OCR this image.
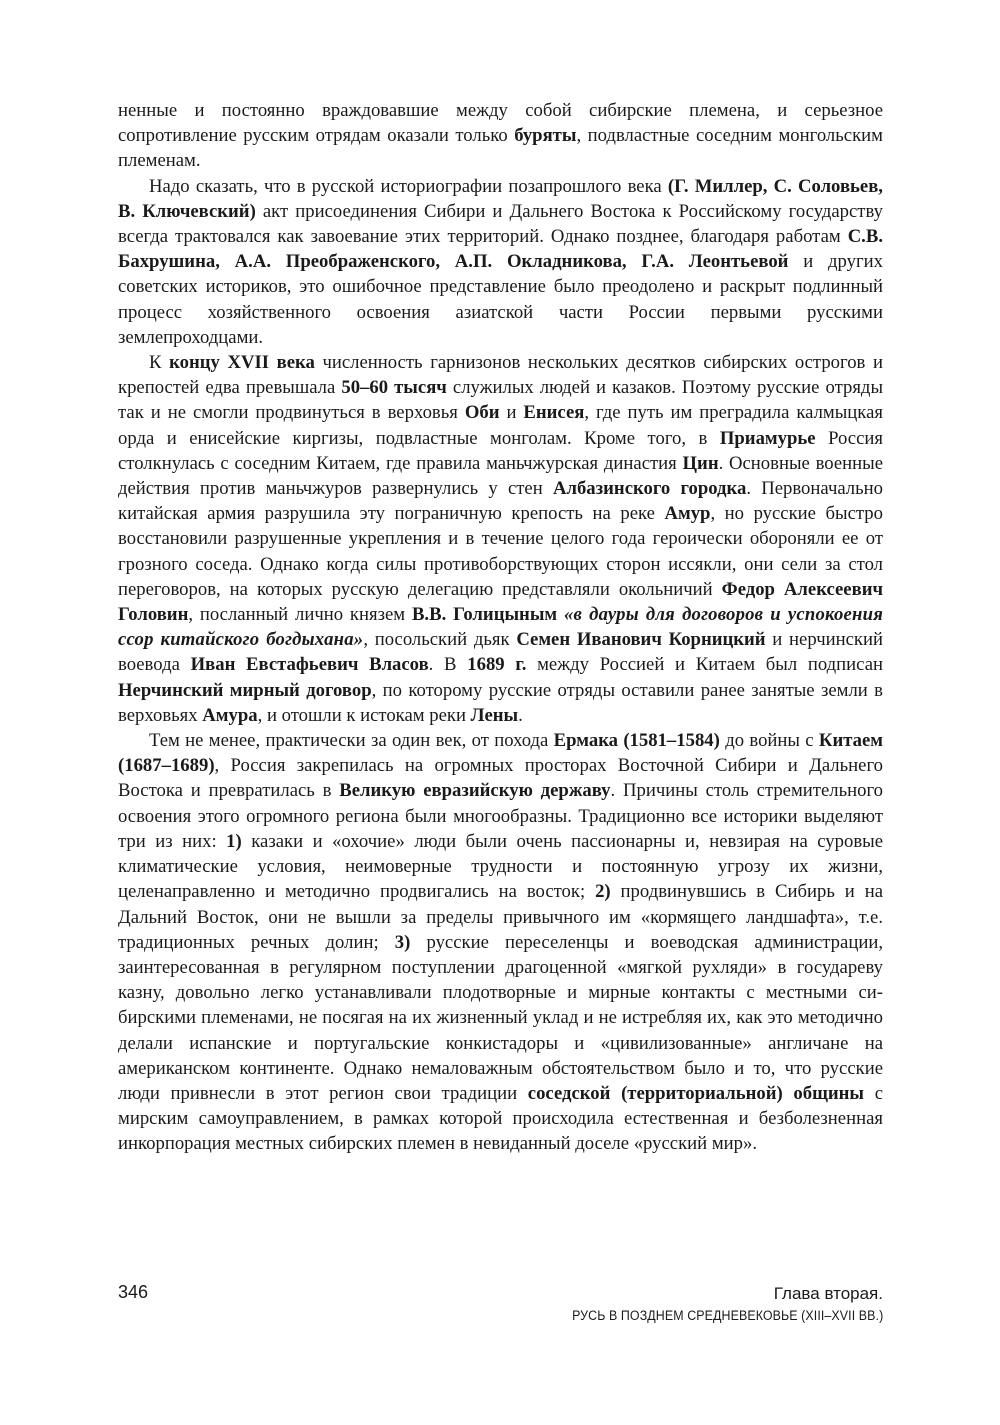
ненные и постоянно враждовавшие между собой сибирские племена, и серьезное сопротивление русским отрядам оказали только буряты, подвластные соседним монгольским племенам.

Надо сказать, что в русской историографии позапрошлого века (Г. Миллер, С. Соловьев, В. Ключевский) акт присоединения Сибири и Дальнего Востока к Российскому государству всегда трактовался как завоевание этих территорий. Однако позднее, благодаря работам С.В. Бахрушина, А.А. Преображенского, А.П. Окладникова, Г.А. Леонтьевой и других советских историков, это ошибочное представление было преодолено и раскрыт подлинный процесс хозяйственного освоения азиатской части России первыми русскими землепроходцами.

К концу XVII века численность гарнизонов нескольких десятков сибирских острогов и крепостей едва превышала 50–60 тысяч служилых людей и казаков. Поэтому русские отряды так и не смогли продвинуться в верховья Оби и Енисея, где путь им преградила калмыцкая орда и енисейские киргизы, подвластные монголам. Кроме того, в Приамурье Россия столкнулась с соседним Китаем, где правила маньчжурская династия Цин. Основные военные действия против маньчжуров развернулись у стен Албазинского городка. Первоначально китайская армия разрушила эту пограничную крепость на реке Амур, но русские быстро восстановили разрушенные укрепления и в течение целого года героически обороняли ее от грозного соседа. Однако когда силы противоборствующих сторон иссякли, они сели за стол переговоров, на которых русскую делегацию представляли окольничий Федор Алексеевич Головин, посланный лично князем В.В. Голицыным «в дауры для договоров и успокоения ссор китайского богдыхана», посольский дьяк Семен Иванович Корницкий и нерчинский воевода Иван Евстафьевич Власов. В 1689 г. между Россией и Китаем был подписан Нерчинский мирный договор, по которому русские отряды оставили ранее занятые земли в верховьях Амура, и отошли к истокам реки Лены.

Тем не менее, практически за один век, от похода Ермака (1581–1584) до войны с Китаем (1687–1689), Россия закрепилась на огромных просторах Восточной Сибири и Дальнего Востока и превратилась в Великую евразийскую державу. Причины столь стремительного освоения этого огромного региона были многообразны. Традиционно все историки выделяют три из них: 1) казаки и «охочие» люди были очень пассионарны и, невзирая на суровые климатические условия, неимоверные трудности и постоянную угрозу их жизни, целенаправленно и методично продвигались на восток; 2) продвинувшись в Сибирь и на Дальний Восток, они не вышли за пределы привычного им «кормящего ландшафта», т.е. традиционных речных долин; 3) русские переселенцы и воеводская администрации, заинтересованная в регулярном поступлении драгоценной «мягкой рухляди» в государеву казну, довольно легко устанавливали плодотворные и мирные контакты с местными сибирскими племенами, не посягая на их жизненный уклад и не истребляя их, как это методично делали испанские и португальские конкистадоры и «цивилизованные» англичане на американском континенте. Однако немаловажным обстоятельством было и то, что русские люди привнесли в этот регион свои традиции соседской (территориальной) общины с мирским самоуправлением, в рамках которой происходила естественная и безболезненная инкорпорация местных сибирских племен в невиданный доселе «русский мир».

346	Глава вторая.
РУСЬ В ПОЗДНЕМ СРЕДНЕВЕКОВЬЕ (XIII–XVII ВВ.)
